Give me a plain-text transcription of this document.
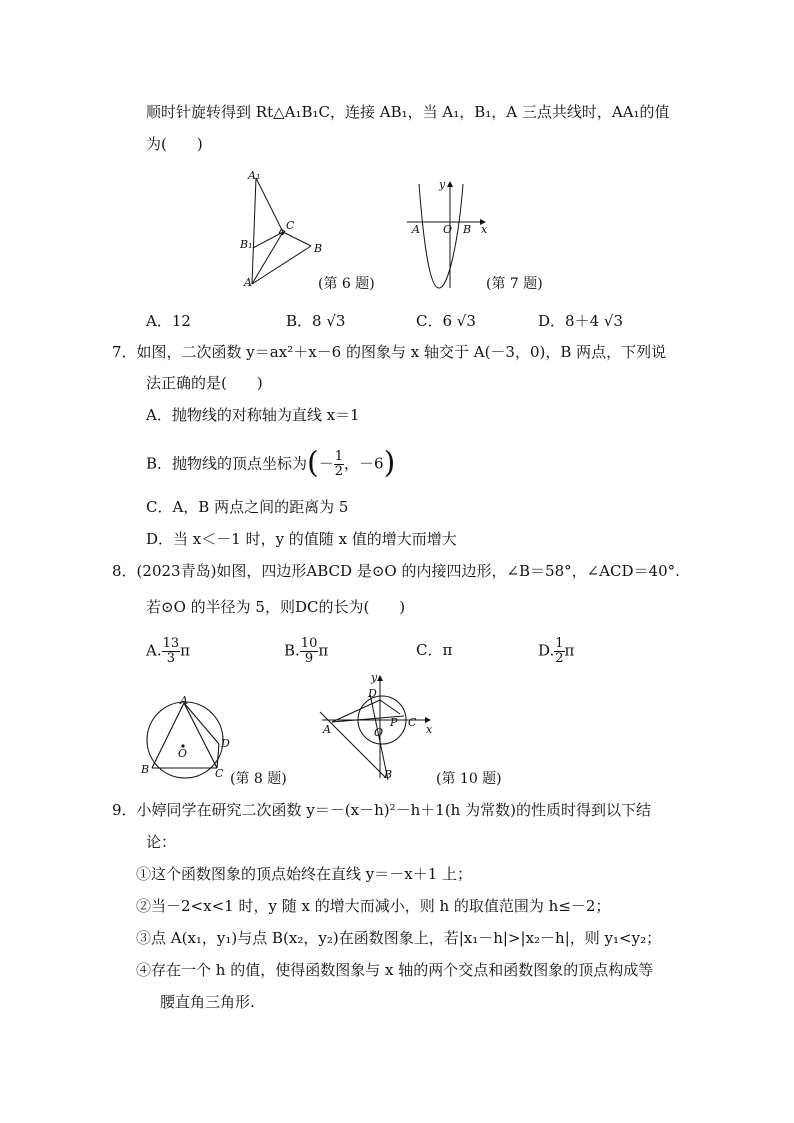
顺时针旋转得到 Rt△A₁B₁C，连接 AB₁，当 A₁，B₁，A 三点共线时，AA₁的值
为(　　)
A₁
C
B₁	B
A	(第 6 题)
y
A O B x
(第 7 题)
A．12	B．8 √3	C．6 √3	D．8＋4 √3
7．如图，二次函数 y＝ax²＋x－6 的图象与 x 轴交于 A(－3，0)，B 两点，下列说
法正确的是(　　)
A．抛物线的对称轴为直线 x＝1
B．抛物线的顶点坐标为(－ $\frac{1}{2}$ ，－6)
C．A，B 两点之间的距离为 5
D．当 x＜－1 时，y 的值随 x 值的增大而增大
8．(2023青岛)如图，四边形ABCD 是⊙O 的内接四边形，∠B＝58°，∠ACD＝40°.
若⊙O 的半径为 5，则DC的长为(　　)
A. $\frac{13}{3}$ π	B. $\frac{10}{9}$ π	C．π	D. $\frac{1}{2}$ π
A
B	C
D
O
(第 8 题)
y
D
P C
A	O	x
B	(第 10 题)
9．小婷同学在研究二次函数 y＝－(x－h)²－h＋1(h 为常数)的性质时得到以下结
论：
①这个函数图象的顶点始终在直线 y＝－x＋1 上；
②当－2<x<1 时，y 随 x 的增大而减小，则 h 的取值范围为 h≤－2；
③点 A(x₁，y₁)与点 B(x₂，y₂)在函数图象上，若|x₁－h|>|x₂－h|，则 y₁<y₂；
④存在一个 h 的值，使得函数图象与 x 轴的两个交点和函数图象的顶点构成等
腰直角三角形.
